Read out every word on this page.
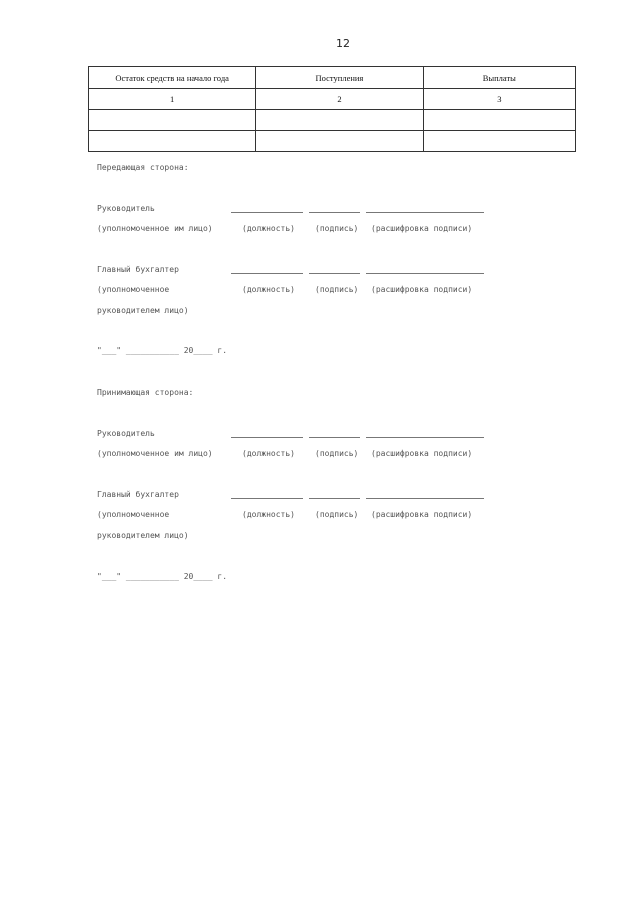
12
Остаток средств на начало года	Поступления	Выплаты
1	2	3

Передающая сторона:
Руководитель
(уполномоченное им лицо)	(должность)	(подпись) (расшифровка подписи)
Главный бухгалтер
(уполномоченное	(должность)	(подпись) (расшифровка подписи)
руководителем лицо)
"___" ___________ 20____ г.
Принимающая сторона:
Руководитель
(уполномоченное им лицо)	(должность)	(подпись) (расшифровка подписи)
Главный бухгалтер
(уполномоченное	(должность)	(подпись) (расшифровка подписи)
руководителем лицо)
"___" ___________ 20____ г.
